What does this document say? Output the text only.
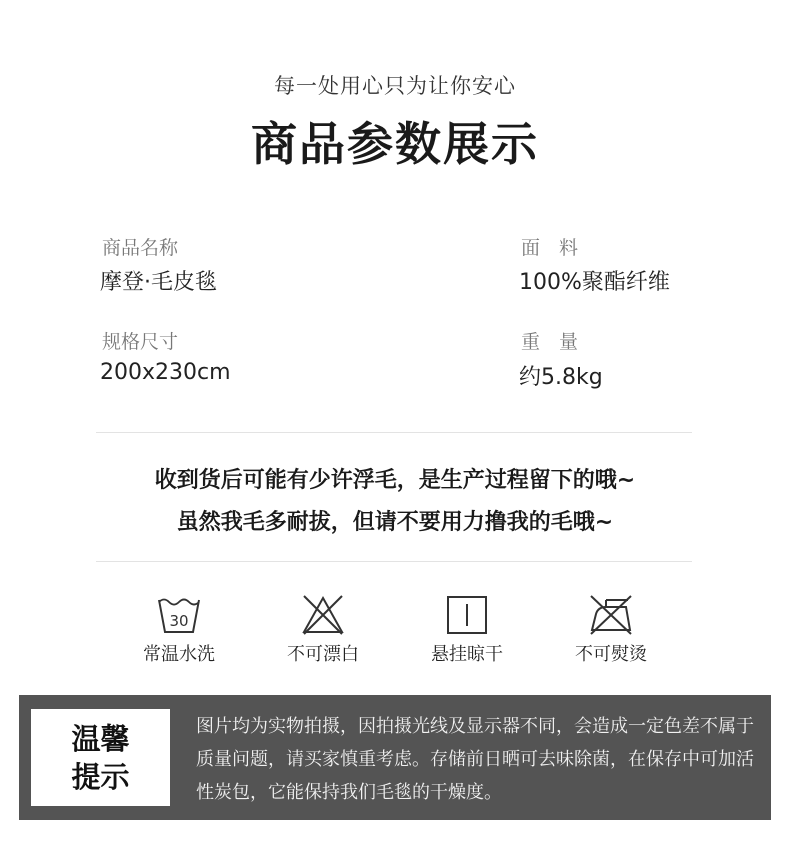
每一处用心只为让你安心
商品参数展示
商品名称
摩登·毛皮毯
面　料
100%聚酯纤维
规格尺寸
200x230cm
重　量
约5.8kg
收到货后可能有少许浮毛，是生产过程留下的哦~
虽然我毛多耐拔，但请不要用力撸我的毛哦~
30
常温水洗	不可漂白	悬挂晾干	不可熨烫
温馨
提示
图片均为实物拍摄，因拍摄光线及显示器不同，会造成一定色差不属于质量问题，请买家慎重考虑。存储前日晒可去味除菌，在保存中可加活性炭包，它能保持我们毛毯的干燥度。
